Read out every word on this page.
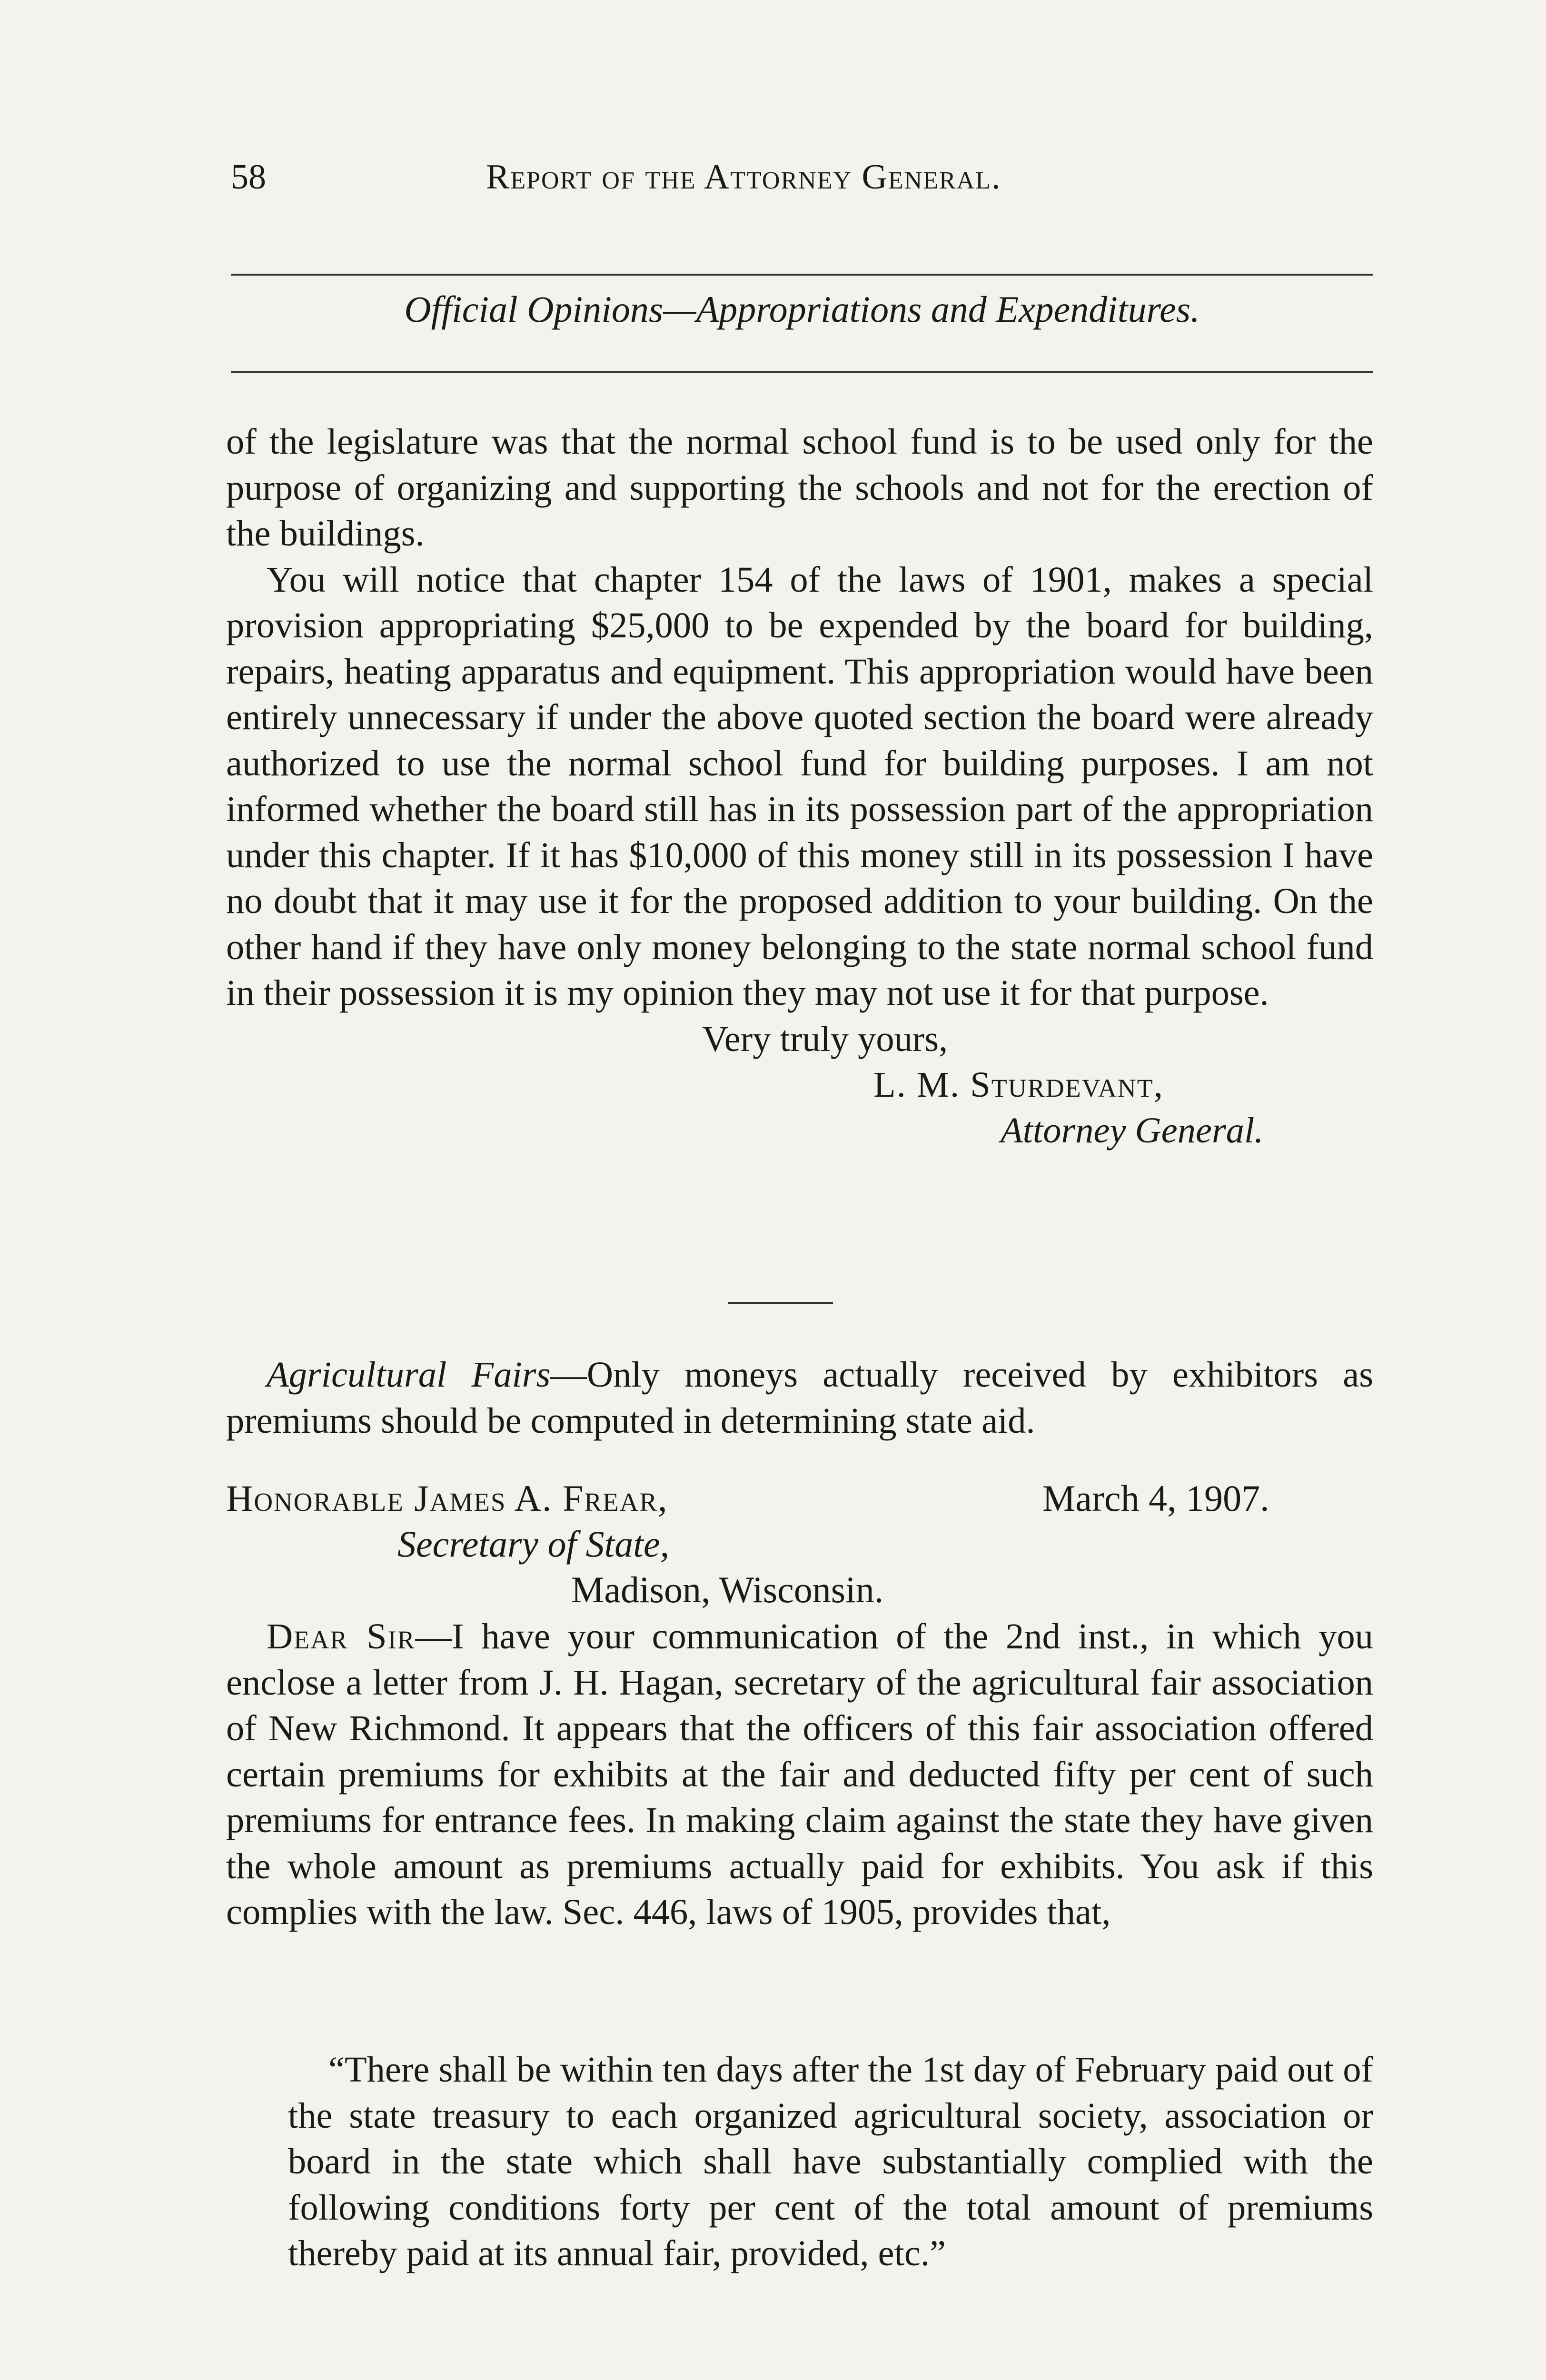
58	Report of the Attorney General.
Official Opinions—Appropriations and Expenditures.

of the legislature was that the normal school fund is to be used only for the purpose of organizing and supporting the schools and not for the erection of the buildings.

You will notice that chapter 154 of the laws of 1901, makes a special provision appropriating $25,000 to be expended by the board for building, repairs, heating apparatus and equipment. This appropriation would have been entirely unnecessary if under the above quoted section the board were already authorized to use the normal school fund for building purposes. I am not informed whether the board still has in its possession part of the appropriation under this chapter. If it has $10,000 of this money still in its possession I have no doubt that it may use it for the proposed addition to your building. On the other hand if they have only money belonging to the state normal school fund in their possession it is my opinion they may not use it for that purpose.

Very truly yours,
L. M. Sturdevant,
Attorney General.
Agricultural Fairs—Only moneys actually received by exhibitors as premiums should be computed in determining state aid.
Honorable James A. Frear,	March 4, 1907.
Secretary of State,
Madison, Wisconsin.

Dear Sir—I have your communication of the 2nd inst., in which you enclose a letter from J. H. Hagan, secretary of the agricultural fair association of New Richmond. It appears that the officers of this fair association offered certain premiums for exhibits at the fair and deducted fifty per cent of such premiums for entrance fees. In making claim against the state they have given the whole amount as premiums actually paid for exhibits. You ask if this complies with the law. Sec. 446, laws of 1905, provides that,

“There shall be within ten days after the 1st day of February paid out of the state treasury to each organized agricultural society, association or board in the state which shall have substantially complied with the following conditions forty per cent of the total amount of premiums thereby paid at its annual fair, provided, etc.”
